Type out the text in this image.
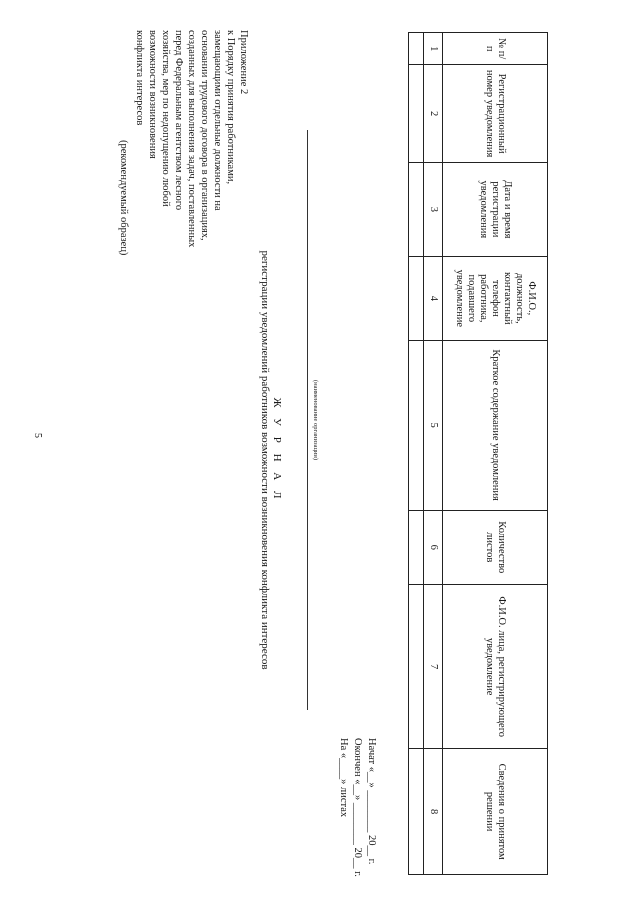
5
Приложение 2
к Порядку принятия работниками,
замещающими отдельные должности на
основании трудового договора в организациях,
созданных для выполнения задач, поставленных
перед Федеральным агентством лесного
хозяйства, мер по недопущению любой
возможности возникновения
конфликта интересов
(рекомендуемый образец)
Ж У Р Н А Л
регистрации уведомлений работников возможности возникновения конфликта интересов	(наименование организации)
Начат «__» ________ 20__ г.
Окончен «__» ________ 20__ г.
На «____» листах
№ п/п	Регистрационный номер уведомления	Дата и время регистрации уведомления	Ф.И.О., должность, контактный телефон работника, подавшего уведомление	Краткое содержание уведомления	Количество листов	Ф.И.О. лица, регистрирующего уведомление	Сведения о принятом решении
1	2	3	4	5	6	7	8
